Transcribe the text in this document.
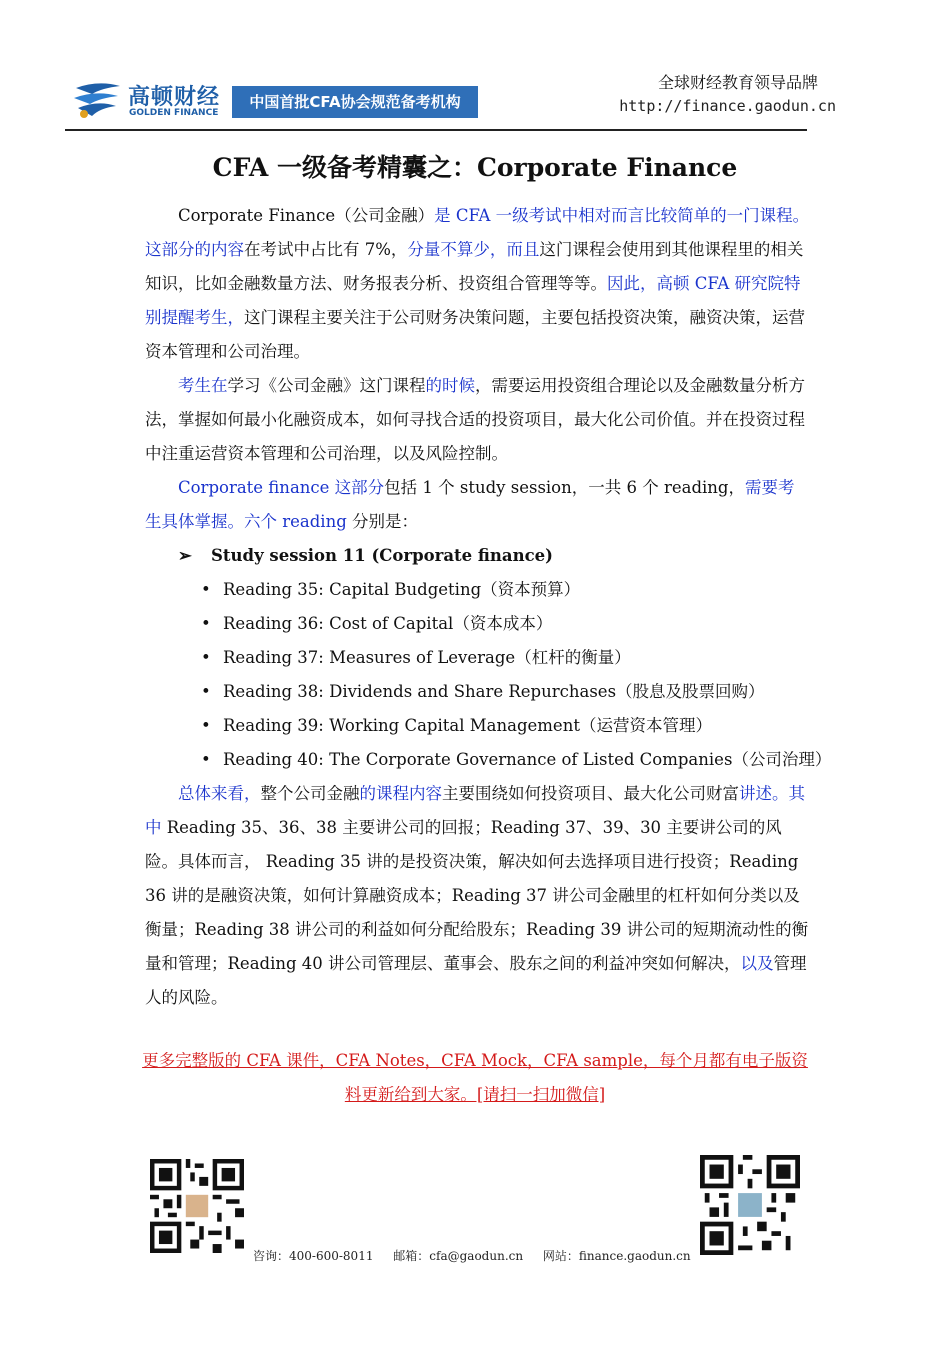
高顿财经
GOLDEN FINANCE
中国首批CFA协会规范备考机构
全球财经教育领导品牌
http://finance.gaodun.cn
CFA 一级备考精囊之：Corporate Finance

Corporate Finance（公司金融）是 CFA 一级考试中相对而言比较简单的一门课程。这部分的内容在考试中占比有 7%，分量不算少，而且这门课程会使用到其他课程里的相关知识，比如金融数量方法、财务报表分析、投资组合管理等等。因此，高顿 CFA 研究院特别提醒考生，这门课程主要关注于公司财务决策问题，主要包括投资决策，融资决策，运营资本管理和公司治理。

考生在学习《公司金融》这门课程的时候，需要运用投资组合理论以及金融数量分析方法，掌握如何最小化融资成本，如何寻找合适的投资项目，最大化公司价值。并在投资过程中注重运营资本管理和公司治理，以及风险控制。

Corporate finance 这部分包括 1 个 study session，一共 6 个 reading，需要考生具体掌握。六个 reading 分别是：

➢	Study session 11 (Corporate finance)
• Reading 35: Capital Budgeting（资本预算）
• Reading 36: Cost of Capital（资本成本）
• Reading 37: Measures of Leverage（杠杆的衡量）
• Reading 38: Dividends and Share Repurchases（股息及股票回购）
• Reading 39: Working Capital Management（运营资本管理）
• Reading 40: The Corporate Governance of Listed Companies（公司治理）

总体来看，整个公司金融的课程内容主要围绕如何投资项目、最大化公司财富讲述。其中 Reading 35、36、38 主要讲公司的回报；Reading 37、39、30 主要讲公司的风险。具体而言， Reading 35 讲的是投资决策，解决如何去选择项目进行投资；Reading 36 讲的是融资决策，如何计算融资成本；Reading 37 讲公司金融里的杠杆如何分类以及衡量；Reading 38 讲公司的利益如何分配给股东；Reading 39 讲公司的短期流动性的衡量和管理；Reading 40 讲公司管理层、董事会、股东之间的利益冲突如何解决，以及管理人的风险。

更多完整版的 CFA 课件，CFA Notes，CFA Mock，CFA sample，每个月都有电子版资料更新给到大家。[请扫一扫加微信]
咨询：400-600-8011 邮箱：cfa@gaodun.cn 网站：finance.gaodun.cn
